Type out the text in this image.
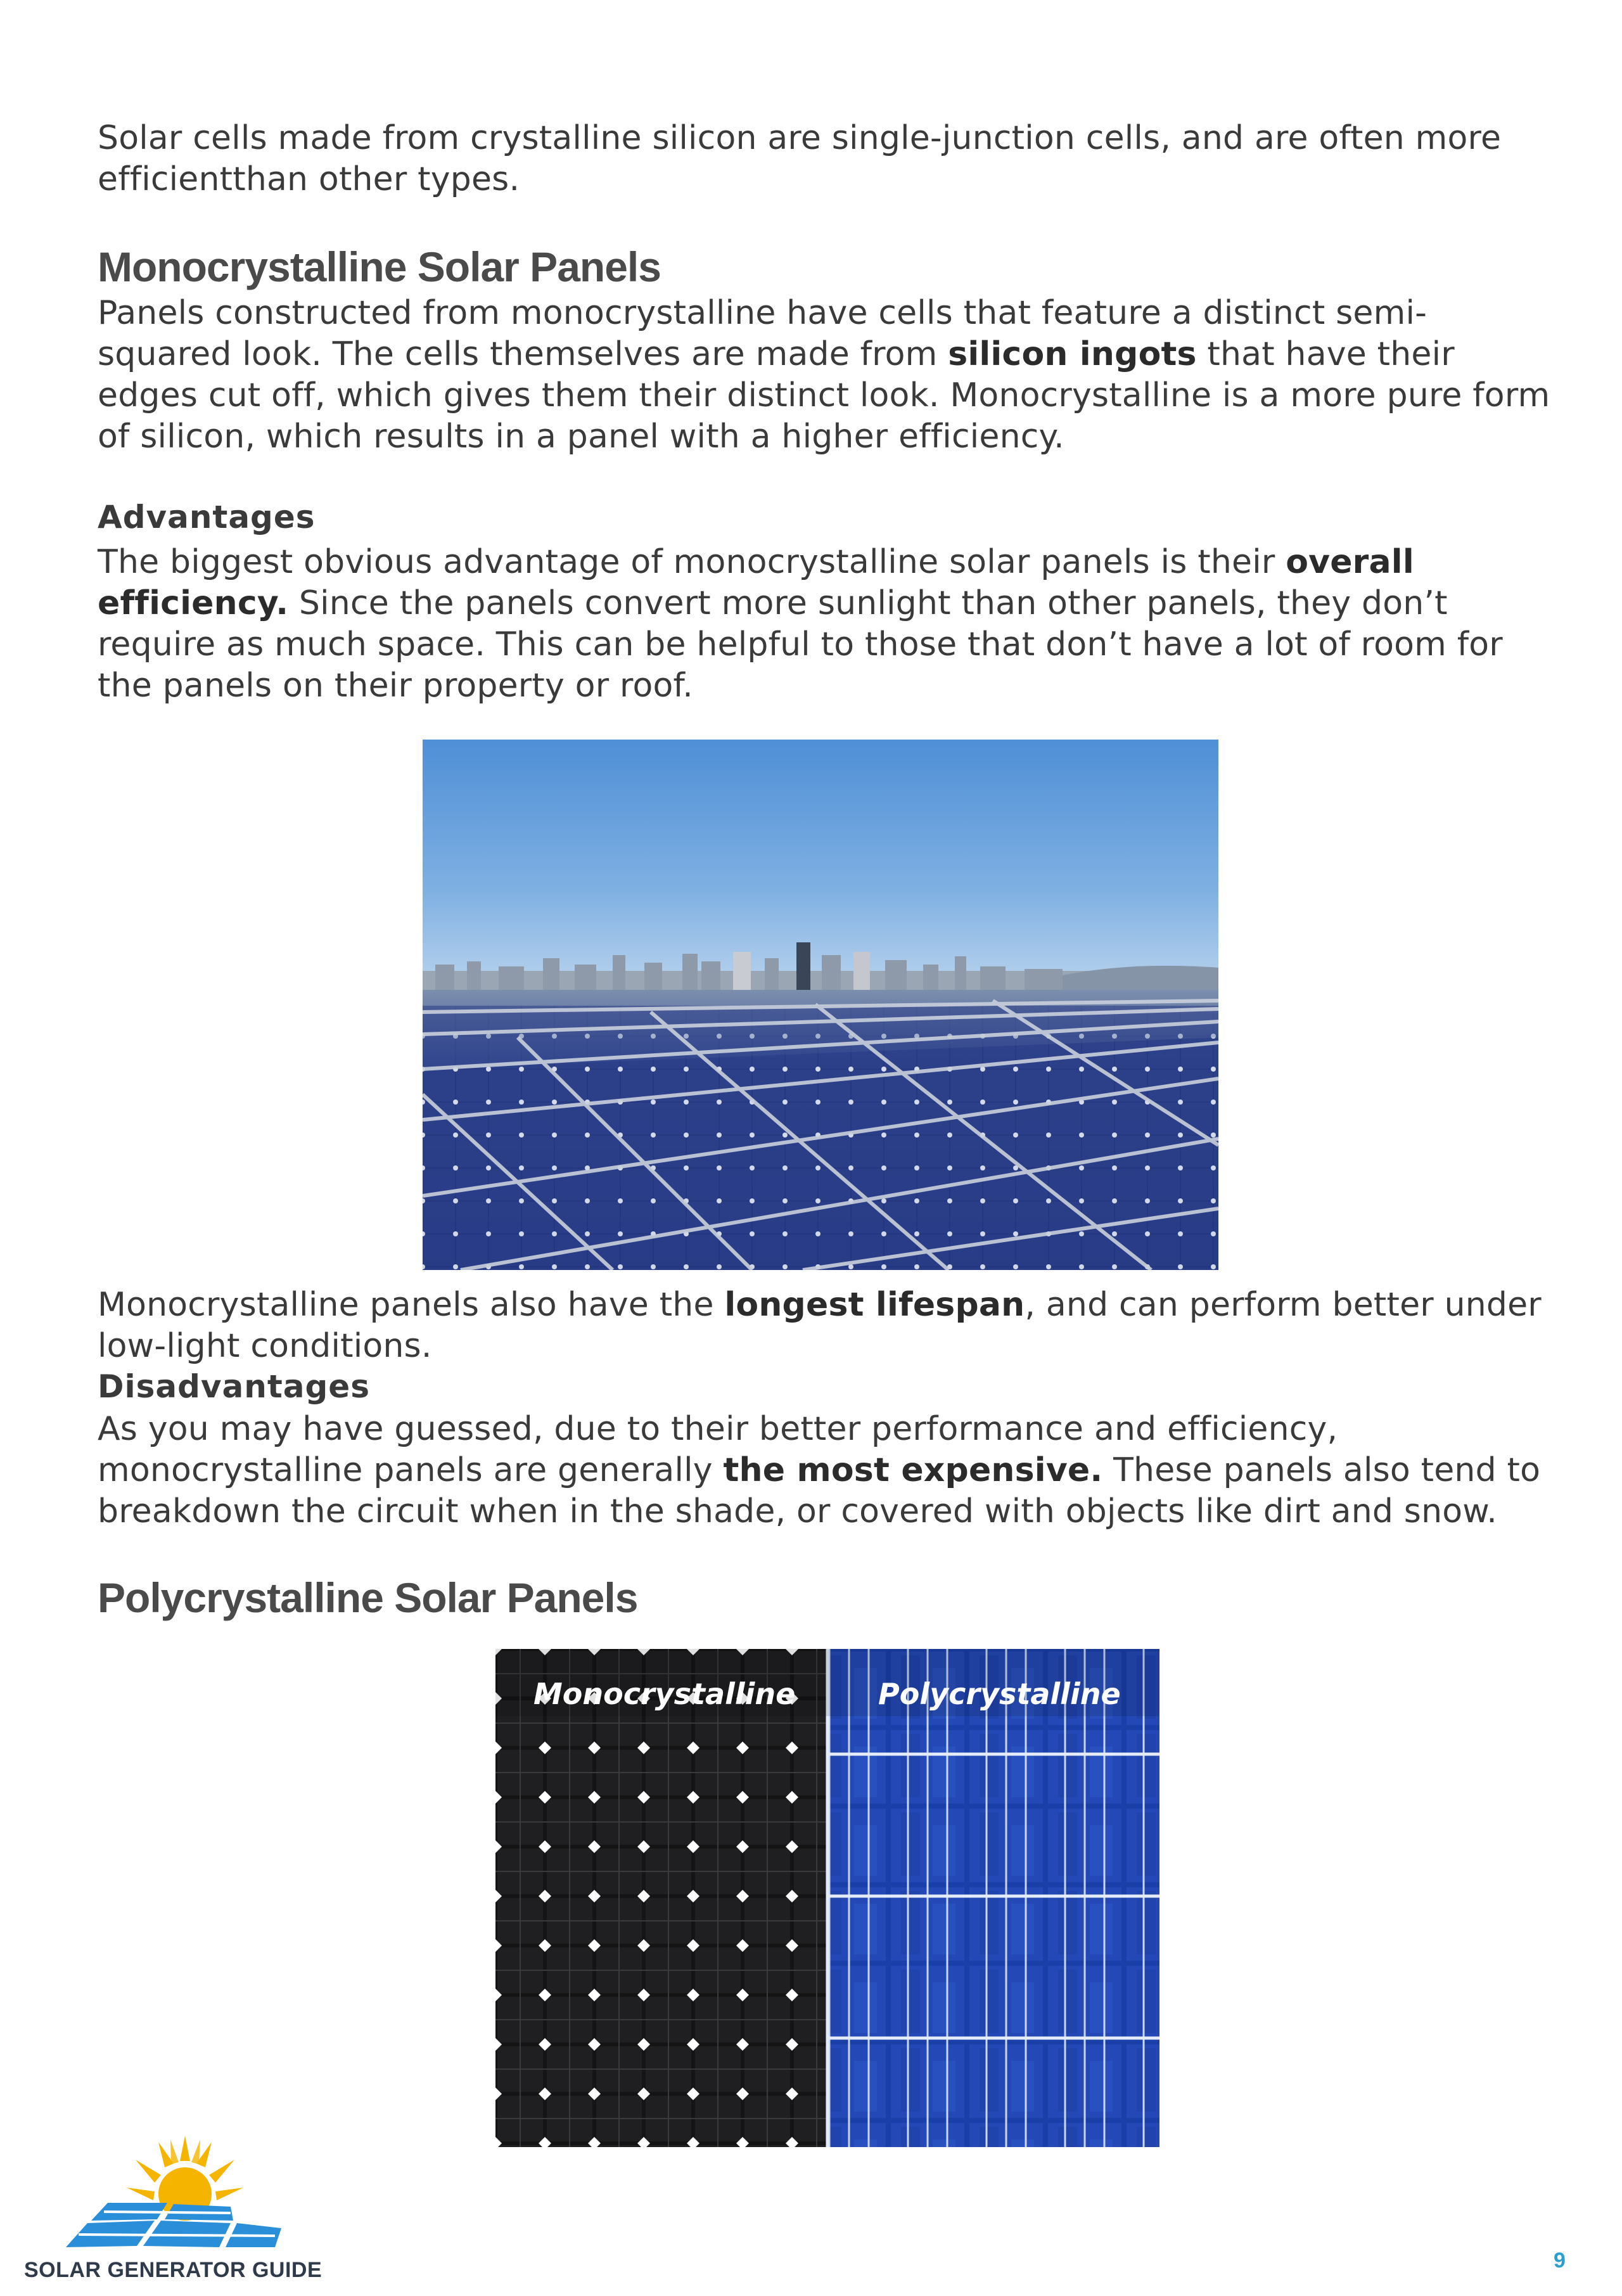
Solar cells made from crystalline silicon are single-junction cells, and are often more efficientthan other types.

Monocrystalline Solar Panels

Panels constructed from monocrystalline have cells that feature a distinct semi-squared look. The cells themselves are made from silicon ingots that have their edges cut off, which gives them their distinct look. Monocrystalline is a more pure form of silicon, which results in a panel with a higher efficiency.

Advantages

The biggest obvious advantage of monocrystalline solar panels is their overall efficiency. Since the panels convert more sunlight than other panels, they don’t require as much space. This can be helpful to those that don’t have a lot of room for the panels on their property or roof.

Monocrystalline panels also have the longest lifespan, and can perform better under low-light conditions.

Disadvantages

As you may have guessed, due to their better performance and efficiency, monocrystalline panels are generally the most expensive. These panels also tend to breakdown the circuit when in the shade, or covered with objects like dirt and snow.

Polycrystalline Solar Panels
Monocrystalline	Polycrystalline
SOLAR GENERATOR GUIDE	9
